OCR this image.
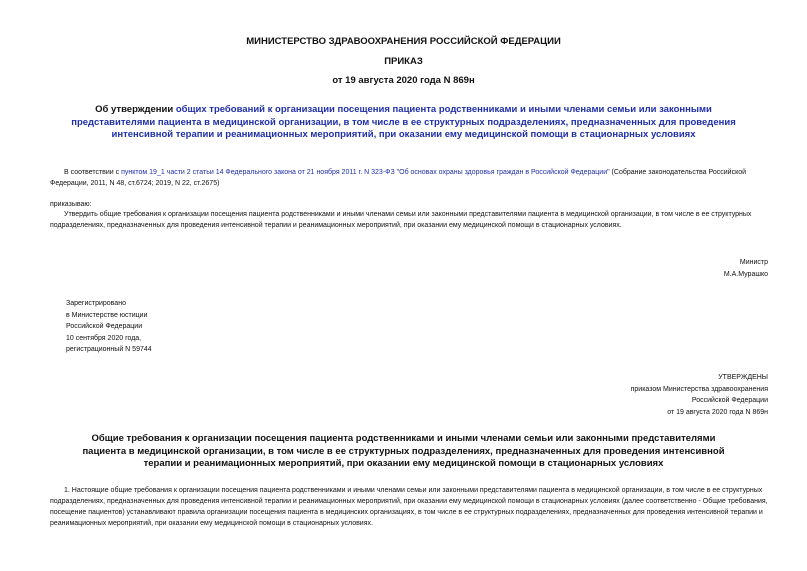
МИНИСТЕРСТВО ЗДРАВООХРАНЕНИЯ РОССИЙСКОЙ ФЕДЕРАЦИИ
ПРИКАЗ
от 19 августа 2020 года N 869н
Об утверждении общих требований к организации посещения пациента родственниками и иными членами семьи или законными представителями пациента в медицинской организации, в том числе в ее структурных подразделениях, предназначенных для проведения интенсивной терапии и реанимационных мероприятий, при оказании ему медицинской помощи в стационарных условиях
В соответствии с пунктом 19_1 части 2 статьи 14 Федерального закона от 21 ноября 2011 г. N 323-ФЗ "Об основах охраны здоровья граждан в Российской Федерации" (Собрание законодательства Российской Федерации, 2011, N 48, ст.6724; 2019, N 22, ст.2675)
приказываю:
Утвердить общие требования к организации посещения пациента родственниками и иными членами семьи или законными представителями пациента в медицинской организации, в том числе в ее структурных подразделениях, предназначенных для проведения интенсивной терапии и реанимационных мероприятий, при оказании ему медицинской помощи в стационарных условиях.
Министр
М.А.Мурашко
Зарегистрировано
в Министерстве юстиции
Российской Федерации
10 сентября 2020 года,
регистрационный N 59744
УТВЕРЖДЕНЫ
приказом Министерства здравоохранения
Российской Федерации
от 19 августа 2020 года N 869н
Общие требования к организации посещения пациента родственниками и иными членами семьи или законными представителями пациента в медицинской организации, в том числе в ее структурных подразделениях, предназначенных для проведения интенсивной терапии и реанимационных мероприятий, при оказании ему медицинской помощи в стационарных условиях
1. Настоящие общие требования к организации посещения пациента родственниками и иными членами семьи или законными представителями пациента в медицинской организации, в том числе в ее структурных подразделениях, предназначенных для проведения интенсивной терапии и реанимационных мероприятий, при оказании ему медицинской помощи в стационарных условиях (далее соответственно - Общие требования, посещение пациентов) устанавливают правила организации посещения пациента в медицинских организациях, в том числе в ее структурных подразделениях, предназначенных для проведения интенсивной терапии и реанимационных мероприятий, при оказании ему медицинской помощи в стационарных условиях.
